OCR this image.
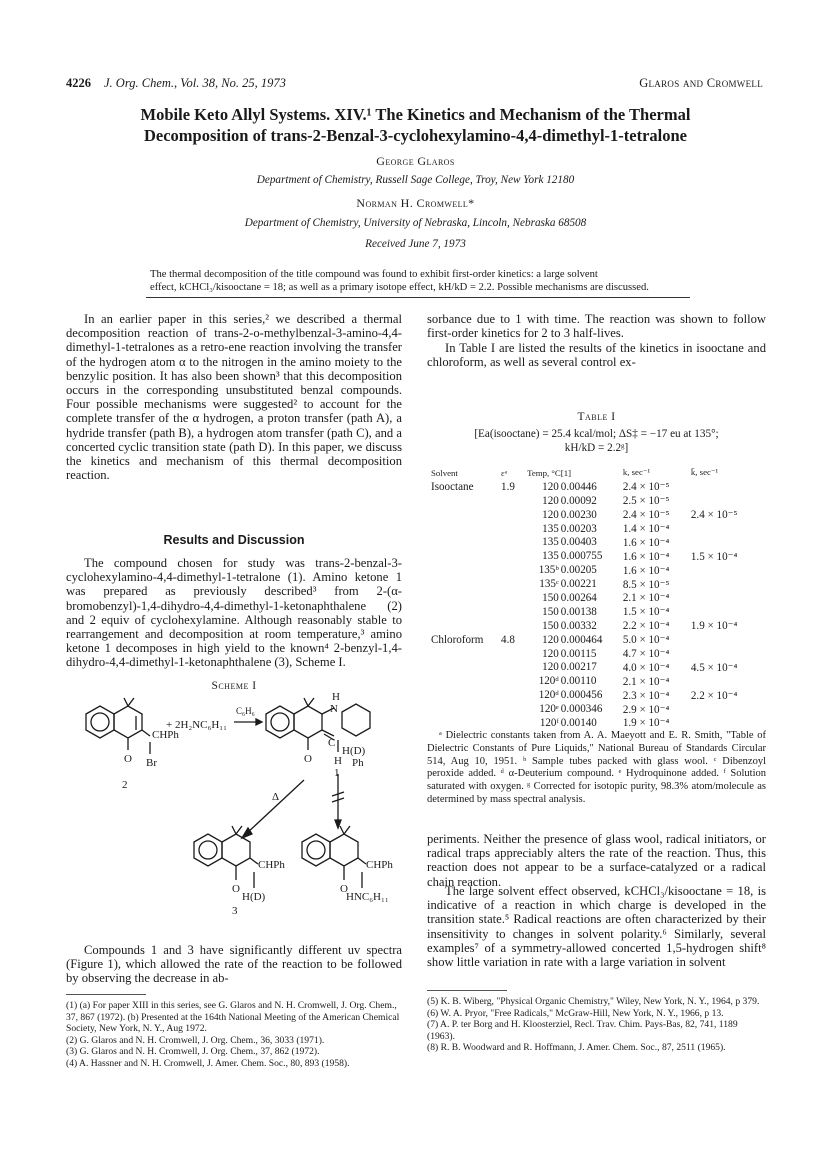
4226 J. Org. Chem., Vol. 38, No. 25, 1973	Glaros and Cromwell

Mobile Keto Allyl Systems. XIV.¹ The Kinetics and Mechanism of the Thermal

Decomposition of trans-2-Benzal-3-cyclohexylamino-4,4-dimethyl-1-tetralone

George Glaros
Department of Chemistry, Russell Sage College, Troy, New York 12180
Norman H. Cromwell*
Department of Chemistry, University of Nebraska, Lincoln, Nebraska 68508
Received June 7, 1973

The thermal decomposition of the title compound was found to exhibit first-order kinetics: a large solvent

effect, kCHCl₃/kisooctane = 18; as well as a primary isotope effect, kH/kD = 2.2. Possible mechanisms are discussed.

In an earlier paper in this series,² we described a thermal decomposition reaction of trans-2-o-methylbenzal-3-amino-4,4-dimethyl-1-tetralones as a retro-ene reaction involving the transfer of the hydrogen atom α to the nitrogen in the amino moiety to the benzylic position. It has also been shown³ that this decomposition occurs in the corresponding unsubstituted benzal compounds. Four possible mechanisms were suggested² to account for the complete transfer of the α hydrogen, a proton transfer (path A), a hydride transfer (path B), a hydrogen atom transfer (path C), and a concerted cyclic transition state (path D). In this paper, we discuss the kinetics and mechanism of this thermal decomposition reaction.

Results and Discussion

The compound chosen for study was trans-2-benzal-3-cyclohexylamino-4,4-dimethyl-1-tetralone (1). Amino ketone 1 was prepared as previously described³ from 2-(α-bromobenzyl)-1,4-dihydro-4,4-dimethyl-1-ketonaphthalene (2) and 2 equiv of cyclohexylamine. Although reasonably stable to rearrangement and decomposition at room temperature,³ amino ketone 1 decomposes in high yield to the known⁴ 2-benzyl-1,4-dihydro-4,4-dimethyl-1-ketonaphthalene (3), Scheme I.

Scheme I
CHPh
Br
O
2
+ 2H₂NC₆H₁₁
C₆H₆
H
N
H(D)
C
Ph
O H
1
Δ
CHPh
H(D)
O
CHPh
HNC₆H₁₁
O
3

Compounds 1 and 3 have significantly different uv spectra (Figure 1), which allowed the rate of the reaction to be followed by observing the decrease in ab-

(1) (a) For paper XIII in this series, see G. Glaros and N. H. Cromwell, J. Org. Chem., 37, 867 (1972). (b) Presented at the 164th National Meeting of the American Chemical Society, New York, N. Y., Aug 1972.

(2) G. Glaros and N. H. Cromwell, J. Org. Chem., 36, 3033 (1971).

(3) G. Glaros and N. H. Cromwell, J. Org. Chem., 37, 862 (1972).

(4) A. Hassner and N. H. Cromwell, J. Amer. Chem. Soc., 80, 893 (1958).

sorbance due to 1 with time. The reaction was shown to follow first-order kinetics for 2 to 3 half-lives.

In Table I are listed the results of the kinetics in isooctane and chloroform, as well as several control ex-

Table I
[Ea(isooctane) = 25.4 kcal/mol; ΔS‡ = −17 eu at 135°;
kH/kD = 2.2ᵍ]
Solvent	εᵃ	Temp, °C	[1]	k, sec⁻¹	k̄, sec⁻¹
Isooctane	1.9	120	0.00446	2.4 × 10⁻⁵	
		120	0.00092	2.5 × 10⁻⁵	
		120	0.00230	2.4 × 10⁻⁵	2.4 × 10⁻⁵
		135	0.00203	1.4 × 10⁻⁴	
		135	0.00403	1.6 × 10⁻⁴	
		135	0.000755	1.6 × 10⁻⁴	1.5 × 10⁻⁴
		135ᵇ	0.00205	1.6 × 10⁻⁴	
		135ᶜ	0.00221	8.5 × 10⁻⁵	
		150	0.00264	2.1 × 10⁻⁴	
		150	0.00138	1.5 × 10⁻⁴	
		150	0.00332	2.2 × 10⁻⁴	1.9 × 10⁻⁴
Chloroform	4.8	120	0.000464	5.0 × 10⁻⁴	
		120	0.00115	4.7 × 10⁻⁴	
		120	0.00217	4.0 × 10⁻⁴	4.5 × 10⁻⁴
		120ᵈ	0.00110	2.1 × 10⁻⁴	
		120ᵈ	0.000456	2.3 × 10⁻⁴	2.2 × 10⁻⁴
		120ᵉ	0.000346	2.9 × 10⁻⁴	
		120ᶠ	0.00140	1.9 × 10⁻⁴	

ᵃ Dielectric constants taken from A. A. Maeyott and E. R. Smith, "Table of Dielectric Constants of Pure Liquids," National Bureau of Standards Circular 514, Aug 10, 1951. ᵇ Sample tubes packed with glass wool. ᶜ Dibenzoyl peroxide added. ᵈ α-Deuterium compound. ᵉ Hydroquinone added. ᶠ Solution saturated with oxygen. ᵍ Corrected for isotopic purity, 98.3% atom/molecule as determined by mass spectral analysis.

periments. Neither the presence of glass wool, radical initiators, or radical traps appreciably alters the rate of the reaction. Thus, this reaction does not appear to be a surface-catalyzed or a radical chain reaction.

The large solvent effect observed, kCHCl₃/kisooctane = 18, is indicative of a reaction in which charge is developed in the transition state.⁵ Radical reactions are often characterized by their insensitivity to changes in solvent polarity.⁶ Similarly, several examples⁷ of a symmetry-allowed concerted 1,5-hydrogen shift⁸ show little variation in rate with a large variation in solvent

(5) K. B. Wiberg, "Physical Organic Chemistry," Wiley, New York, N. Y., 1964, p 379.

(6) W. A. Pryor, "Free Radicals," McGraw-Hill, New York, N. Y., 1966, p 13.

(7) A. P. ter Borg and H. Kloosterziel, Recl. Trav. Chim. Pays-Bas, 82, 741, 1189 (1963).

(8) R. B. Woodward and R. Hoffmann, J. Amer. Chem. Soc., 87, 2511 (1965).
